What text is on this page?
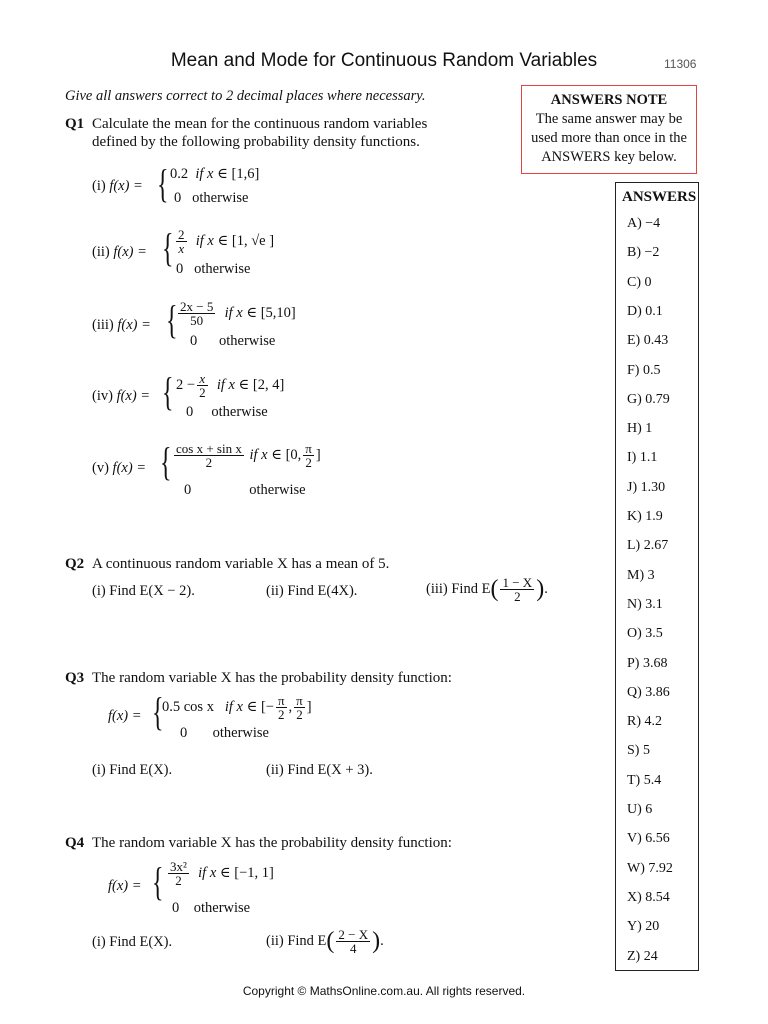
Mean and Mode for Continuous Random Variables	11306
Give all answers correct to 2 decimal places where necessary.	ANSWERS NOTE
The same answer may be
used more than once in the
ANSWERS key below.
ANSWERS
A) −4
B) −2
C) 0
D) 0.1
E) 0.43
F) 0.5
G) 0.79
H) 1
I) 1.1
J) 1.30
K) 1.9
L) 2.67
M) 3
N) 3.1
O) 3.5
P) 3.68
Q) 3.86
R) 4.2
S) 5
T) 5.4
U) 6
V) 6.56
W) 7.92
X) 8.54
Y) 20
Z) 24
Q1 Calculate the mean for the continuous random variables
defined by the following probability density functions.
(i) f(x) = { 0.2 if x ∈ [1,6]
0 otherwise
(ii) f(x) = { $\frac{2}{x}$ if x ∈ [1, √e ]
0 otherwise
(iii) f(x) = { $\frac{2x - 5}{50}$ if x ∈ [5,10]
0 otherwise
(iv) f(x) = { $2 - \frac{x}{2}$ if x ∈ [2, 4]
0 otherwise
(v) f(x) = { $\frac{\text{cos x + sin x}}{2}$ if x ∈ [0, $\frac{\pi}{2}$ ]
0	otherwise
Q2 A continuous random variable X has a mean of 5.
(i) Find E(X − 2).	(ii) Find E(4X).	(iii) Find $E( \frac{1 - X}{2}$ ).
Q3 The random variable X has the probability density function:
f(x) = {
0.5 cos x if x ∈ [− $\frac{\pi}{2}$ , $\frac{\pi}{2}$ ]
0 otherwise
(i) Find E(X).	(ii) Find E(X + 3).
Q4 The random variable X has the probability density function:
f(x) = { $\frac{\text{3x²}}{2}$ if x ∈ [−1, 1]
0 otherwise
(i) Find E(X).	(ii) Find $E( \frac{2 - X}{4}$ ).
Copyright © MathsOnline.com.au. All rights reserved.
